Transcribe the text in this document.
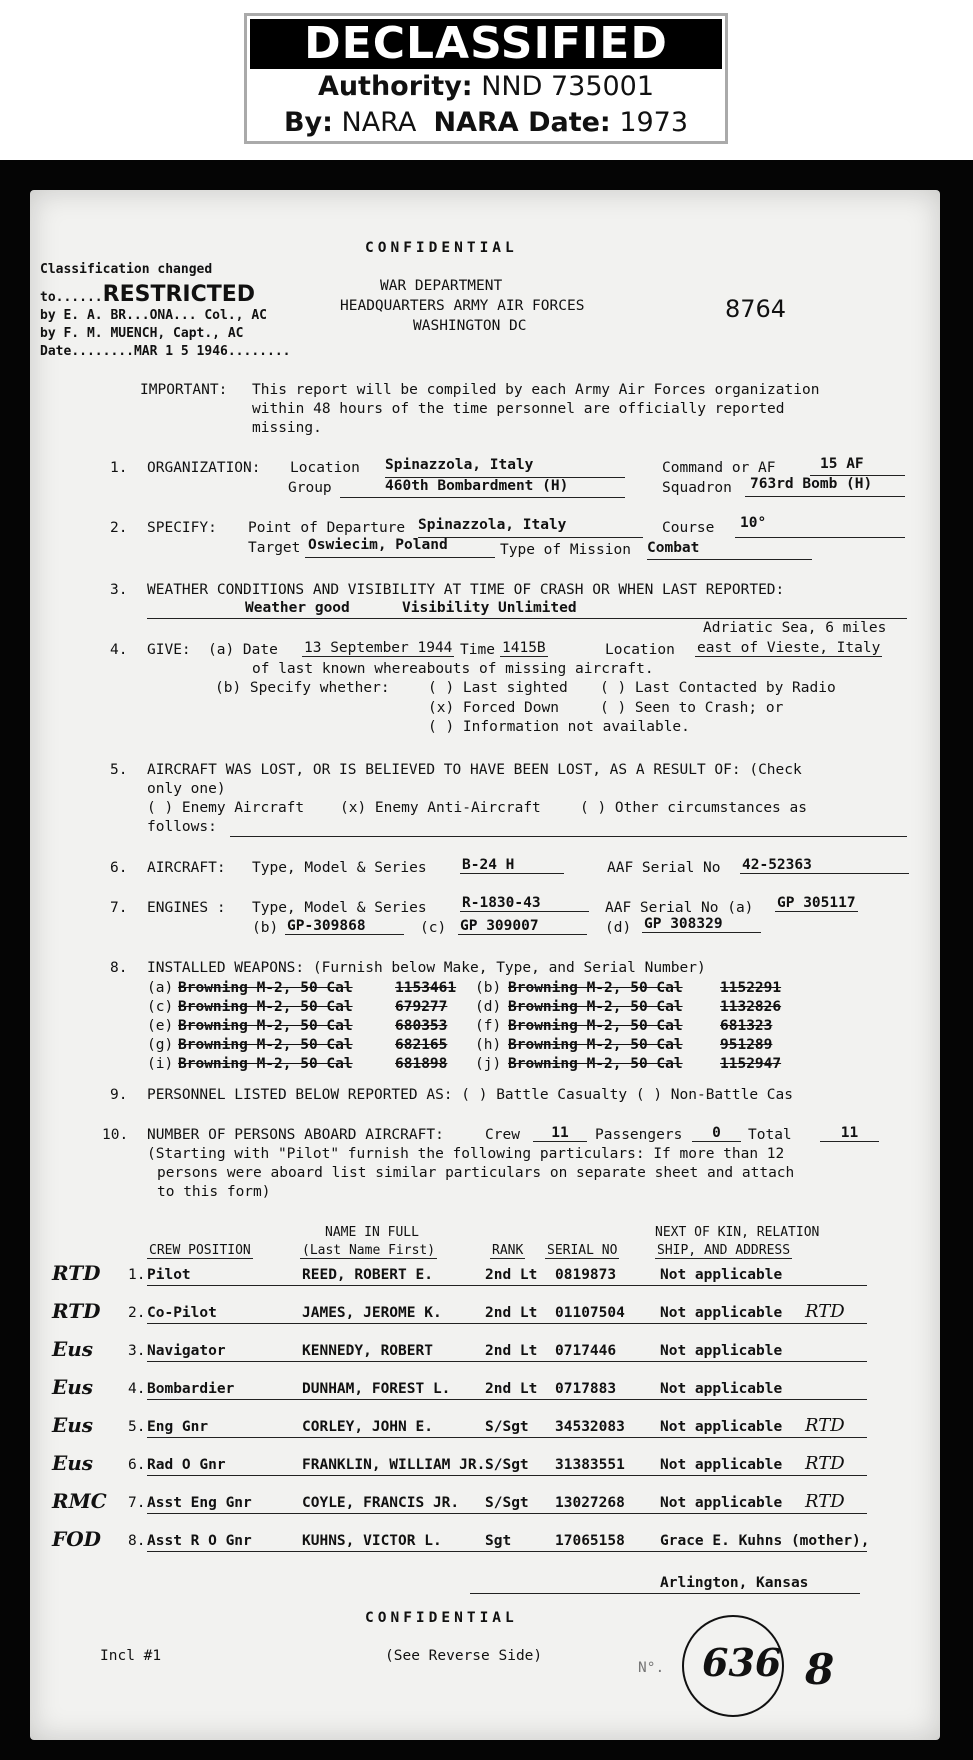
DECLASSIFIED
Authority: NND 735001
By: NARA NARA Date: 1973
CONFIDENTIAL
WAR DEPARTMENT
HEADQUARTERS ARMY AIR FORCES
WASHINGTON DC
8764
Classification changed
to......RESTRICTED
by E. A. BR...ONA... Col., AC
by F. M. MUENCH, Capt., AC
Date........MAR 1 5 1946........
IMPORTANT: This report will be compiled by each Army Air Forces organization
within 48 hours of the time personnel are officially reported
missing.
1. ORGANIZATION: Location Spinazzola, Italy	Command or AF	15 AF
Group	460th Bombardment (H)	Squadron 763rd Bomb (H)
2. SPECIFY: Point of Departure Spinazzola, Italy	Course 10°
Target Oswiecim, Poland	Type of Mission Combat
3. WEATHER CONDITIONS AND VISIBILITY AT TIME OF CRASH OR WHEN LAST REPORTED:
Weather good	Visibility Unlimited
Adriatic Sea, 6 miles
4. GIVE: (a) Date 13 September 1944 Time 1415B	Location east of Vieste, Italy
of last known whereabouts of missing aircraft.
(b) Specify whether:	( ) Last sighted ( ) Last Contacted by Radio
(x) Forced Down	( ) Seen to Crash; or
( ) Information not available.
5. AIRCRAFT WAS LOST, OR IS BELIEVED TO HAVE BEEN LOST, AS A RESULT OF: (Check
only one)
( ) Enemy Aircraft (x) Enemy Anti-Aircraft	( ) Other circumstances as
follows:
6. AIRCRAFT: Type, Model & Series B-24 H	AAF Serial No 42-52363
7. ENGINES : Type, Model & Series R-1830-43	AAF Serial No (a) GP 305117
(b) GP-309868	(c) GP 309007	(d) GP 308329
8. INSTALLED WEAPONS: (Furnish below Make, Type, and Serial Number)
(a) Browning M-2, 50 Cal	1153461 (b) Browning M-2, 50 Cal	1152291
(c) Browning M-2, 50 Cal	679277 (d) Browning M-2, 50 Cal	1132826
(e) Browning M-2, 50 Cal	680353 (f) Browning M-2, 50 Cal	681323
(g) Browning M-2, 50 Cal	682165 (h) Browning M-2, 50 Cal	951289
(i) Browning M-2, 50 Cal	681898 (j) Browning M-2, 50 Cal	1152947
9. PERSONNEL LISTED BELOW REPORTED AS: ( ) Battle Casualty ( ) Non-Battle Cas
10. NUMBER OF PERSONS ABOARD AIRCRAFT:	Crew	11	Passengers	0	Total	11
(Starting with "Pilot" furnish the following particulars: If more than 12
persons were aboard list similar particulars on separate sheet and attach
to this form)
NAME IN FULL	NEXT OF KIN, RELATION
CREW POSITION	(Last Name First)	RANK SERIAL NO	SHIP, AND ADDRESS
RTD 1. Pilot	REED, ROBERT E.	2nd Lt 0819873	Not applicable
RTD 2. Co-Pilot	JAMES, JEROME K.	2nd Lt 01107504 Not applicable RTD
Eus 3. Navigator	KENNEDY, ROBERT	2nd Lt 0717446	Not applicable
Eus 4. Bombardier	DUNHAM, FOREST L. 2nd Lt 0717883	Not applicable
Eus 5. Eng Gnr	CORLEY, JOHN E.	S/Sgt 34532083 Not applicable RTD
Eus 6. Rad O Gnr	FRANKLIN, WILLIAM JR. S/Sgt 31383551 Not applicable RTD
RMC 7. Asst Eng Gnr	COYLE, FRANCIS JR. S/Sgt 13027268 Not applicable RTD
FOD 8. Asst R O Gnr	KUHNS, VICTOR L.	Sgt	17065158 Grace E. Kuhns (mother),
Arlington, Kansas
CONFIDENTIAL
Incl #1	(See Reverse Side)
N°. 636 8
